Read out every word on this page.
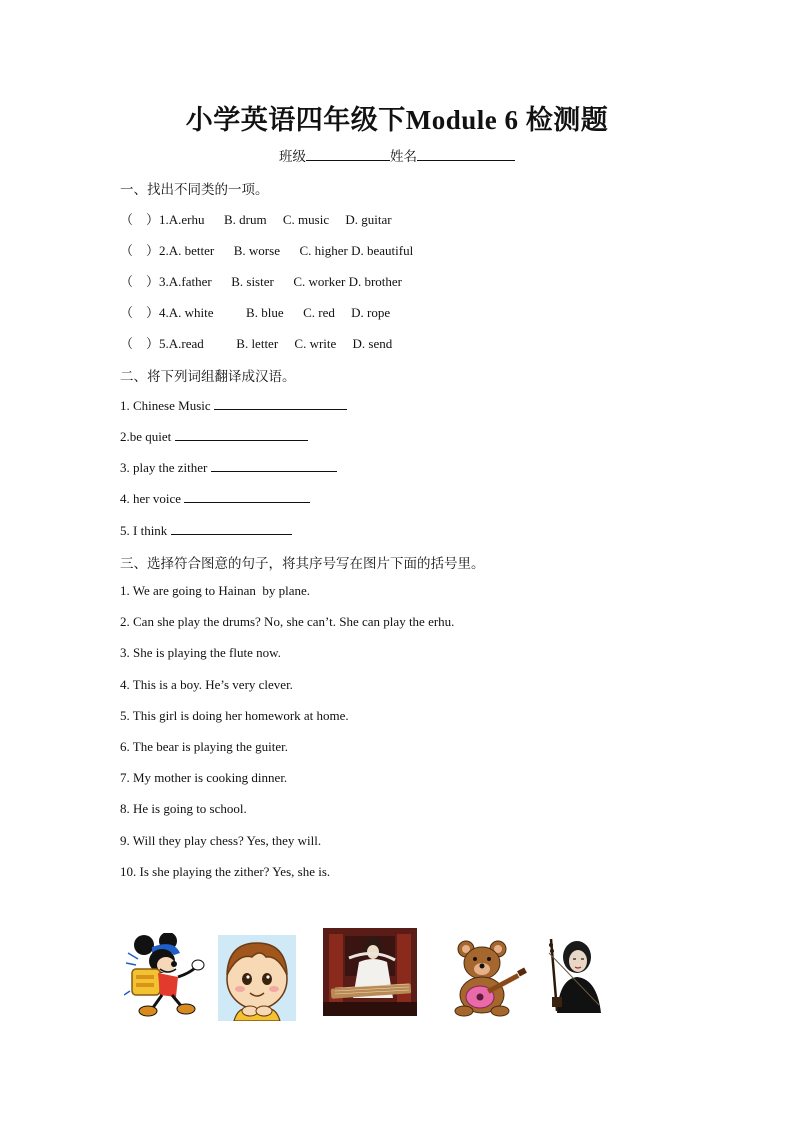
小学英语四年级下Module 6 检测题
班级	姓名
一、找出不同类的一项。
（    ）1.A.erhu      B. drum     C. music     D. guitar
（    ）2.A. better      B. worse      C. higher D. beautiful
（    ）3.A.father      B. sister      C. worker D. brother
（    ）4.A. white          B. blue      C. red     D. rope
（    ）5.A.read          B. letter     C. write     D. send
二、将下列词组翻译成汉语。
1. Chinese Music
2.be quiet
3. play the zither
4. her voice
5. I think
三、选择符合图意的句子，将其序号写在图片下面的括号里。
1. We are going to Hainan  by plane.
2. Can she play the drums? No, she can’t. She can play the erhu.
3. She is playing the flute now.
4. This is a boy. He’s very clever.
5. This girl is doing her homework at home.
6. The bear is playing the guiter.
7. My mother is cooking dinner.
8. He is going to school.
9. Will they play chess? Yes, they will.
10. Is she playing the zither? Yes, she is.
